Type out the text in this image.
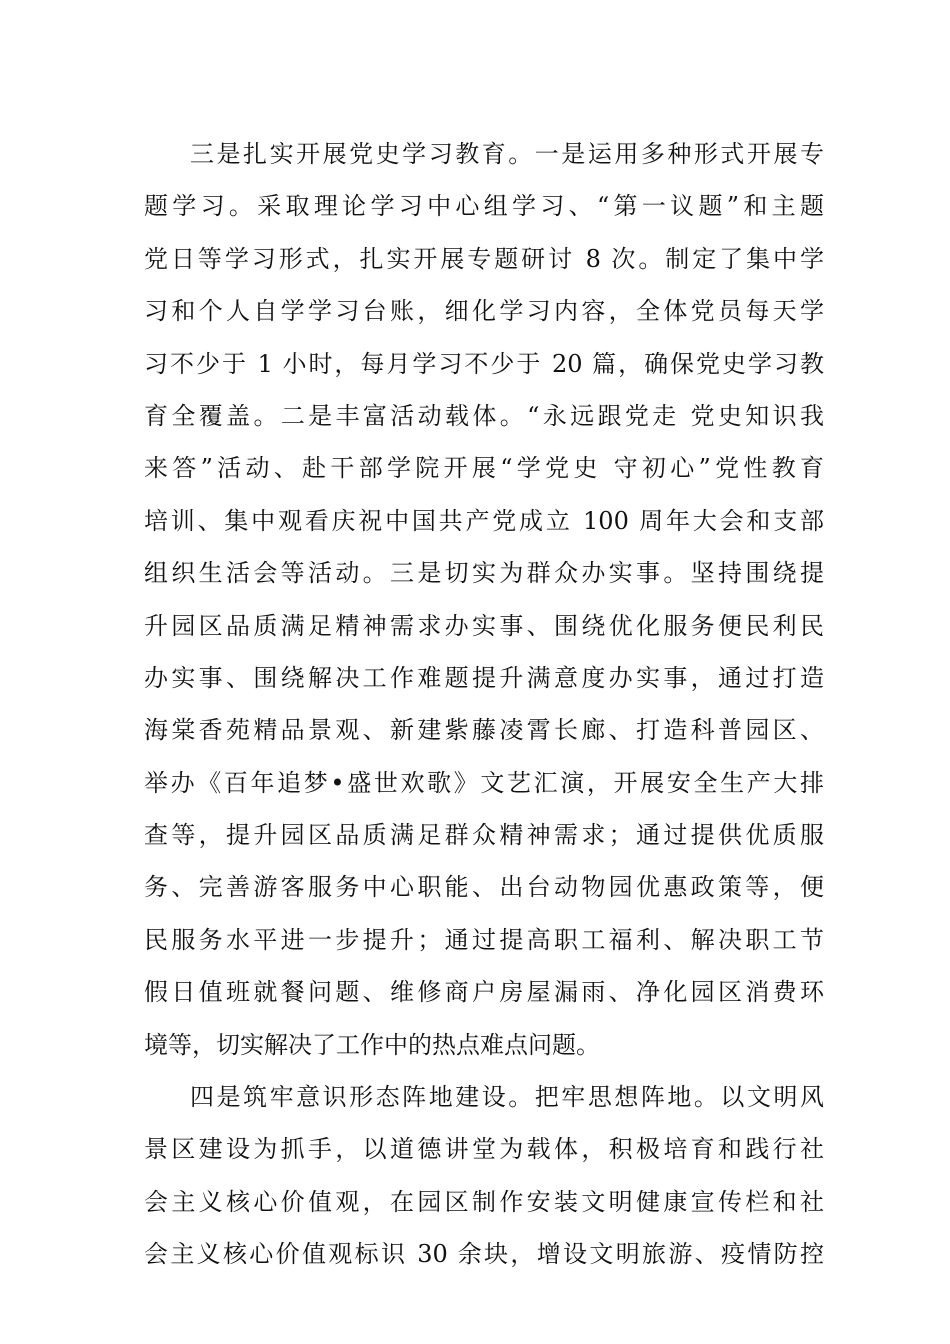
三是扎实开展党史学习教育。一是运用多种形式开展专
题学习。采取理论学习中心组学习、“第一议题”和主题
党日等学习形式，扎实开展专题研讨 8 次。制定了集中学
习和个人自学学习台账，细化学习内容，全体党员每天学
习不少于 1 小时，每月学习不少于 20 篇，确保党史学习教
育全覆盖。二是丰富活动载体。“永远跟党走 党史知识我
来答”活动、赴干部学院开展“学党史 守初心”党性教育
培训、集中观看庆祝中国共产党成立 100 周年大会和支部
组织生活会等活动。三是切实为群众办实事。坚持围绕提
升园区品质满足精神需求办实事、围绕优化服务便民利民
办实事、围绕解决工作难题提升满意度办实事，通过打造
海棠香苑精品景观、新建紫藤凌霄长廊、打造科普园区、
举办《百年追梦•盛世欢歌》文艺汇演，开展安全生产大排
查等，提升园区品质满足群众精神需求；通过提供优质服
务、完善游客服务中心职能、出台动物园优惠政策等，便
民服务水平进一步提升；通过提高职工福利、解决职工节
假日值班就餐问题、维修商户房屋漏雨、净化园区消费环
境等，切实解决了工作中的热点难点问题。
四是筑牢意识形态阵地建设。把牢思想阵地。以文明风
景区建设为抓手，以道德讲堂为载体，积极培育和践行社
会主义核心价值观，在园区制作安装文明健康宣传栏和社
会主义核心价值观标识 30 余块，增设文明旅游、疫情防控
